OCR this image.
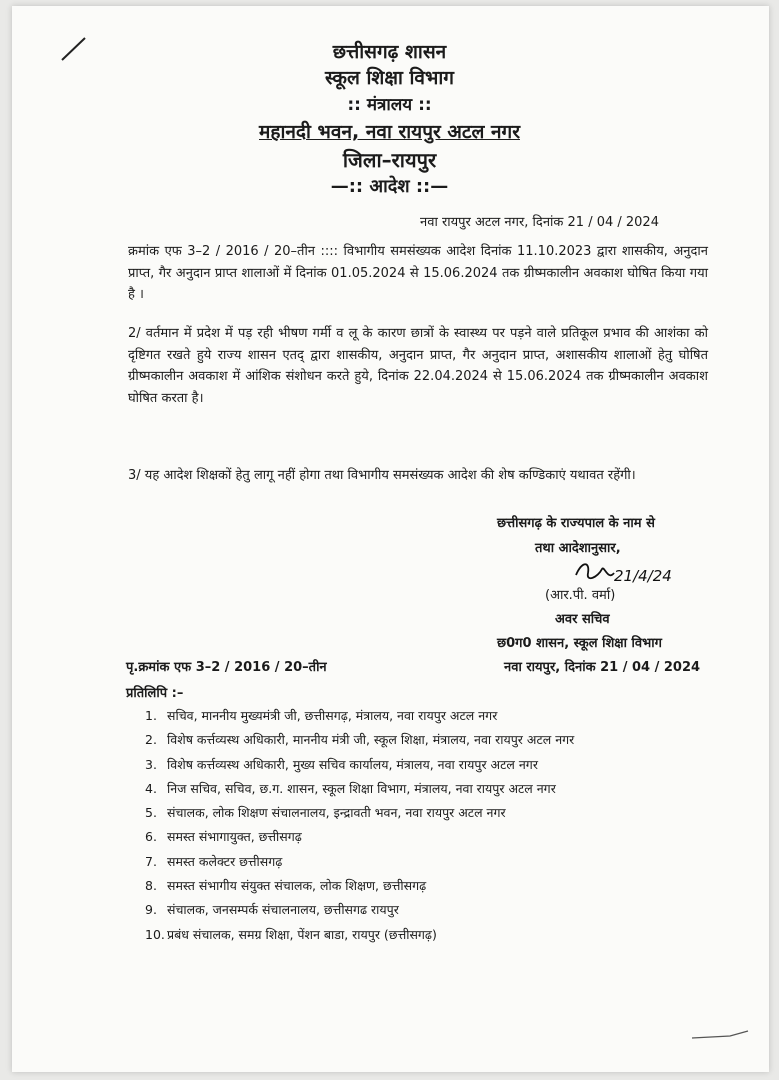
छत्तीसगढ़ शासन
स्कूल शिक्षा विभाग
:: मंत्रालय ::
महानदी भवन, नवा रायपुर अटल नगर
जिला–रायपुर
—:: आदेश ::—
नवा रायपुर अटल नगर, दिनांक 21 / 04 / 2024
क्रमांक एफ 3–2 / 2016 / 20–तीन :::: विभागीय समसंख्यक आदेश दिनांक 11.10.2023 द्वारा शासकीय, अनुदान प्राप्त, गैर अनुदान प्राप्त शालाओं में दिनांक 01.05.2024 से 15.06.2024 तक ग्रीष्मकालीन अवकाश घोषित किया गया है ।
2/ वर्तमान में प्रदेश में पड़ रही भीषण गर्मी व लू के कारण छात्रों के स्वास्थ्य पर पड़ने वाले प्रतिकूल प्रभाव की आशंका को दृष्टिगत रखते हुये राज्य शासन एतद् द्वारा शासकीय, अनुदान प्राप्त, गैर अनुदान प्राप्त, अशासकीय शालाओं हेतु घोषित ग्रीष्मकालीन अवकाश में आंशिक संशोधन करते हुये, दिनांक 22.04.2024 से 15.06.2024 तक ग्रीष्मकालीन अवकाश घोषित करता है।
3/ यह आदेश शिक्षकों हेतु लागू नहीं होगा तथा विभागीय समसंख्यक आदेश की शेष कण्डिकाएं यथावत रहेंगी।
छत्तीसगढ़ के राज्यपाल के नाम से
तथा आदेशानुसार,
21/4/24
(आर.पी. वर्मा)
अवर सचिव
छ0ग0 शासन, स्कूल शिक्षा विभाग
नवा रायपुर, दिनांक 21 / 04 / 2024
पृ.क्रमांक एफ 3–2 / 2016 / 20–तीन
प्रतिलिपि :–
1. सचिव, माननीय मुख्यमंत्री जी, छत्तीसगढ़, मंत्रालय, नवा रायपुर अटल नगर
2. विशेष कर्त्तव्यस्थ अधिकारी, माननीय मंत्री जी, स्कूल शिक्षा, मंत्रालय, नवा रायपुर अटल नगर
3. विशेष कर्त्तव्यस्थ अधिकारी, मुख्य सचिव कार्यालय, मंत्रालय, नवा रायपुर अटल नगर
4. निज सचिव, सचिव, छ.ग. शासन, स्कूल शिक्षा विभाग, मंत्रालय, नवा रायपुर अटल नगर
5. संचालक, लोक शिक्षण संचालनालय, इन्द्रावती भवन, नवा रायपुर अटल नगर
6. समस्त संभागायुक्त, छत्तीसगढ़
7. समस्त कलेक्टर छत्तीसगढ़
8. समस्त संभागीय संयुक्त संचालक, लोक शिक्षण, छत्तीसगढ़
9. संचालक, जनसम्पर्क संचालनालय, छत्तीसगढ रायपुर
10. प्रबंध संचालक, समग्र शिक्षा, पेंशन बाडा, रायपुर (छत्तीसगढ़)
